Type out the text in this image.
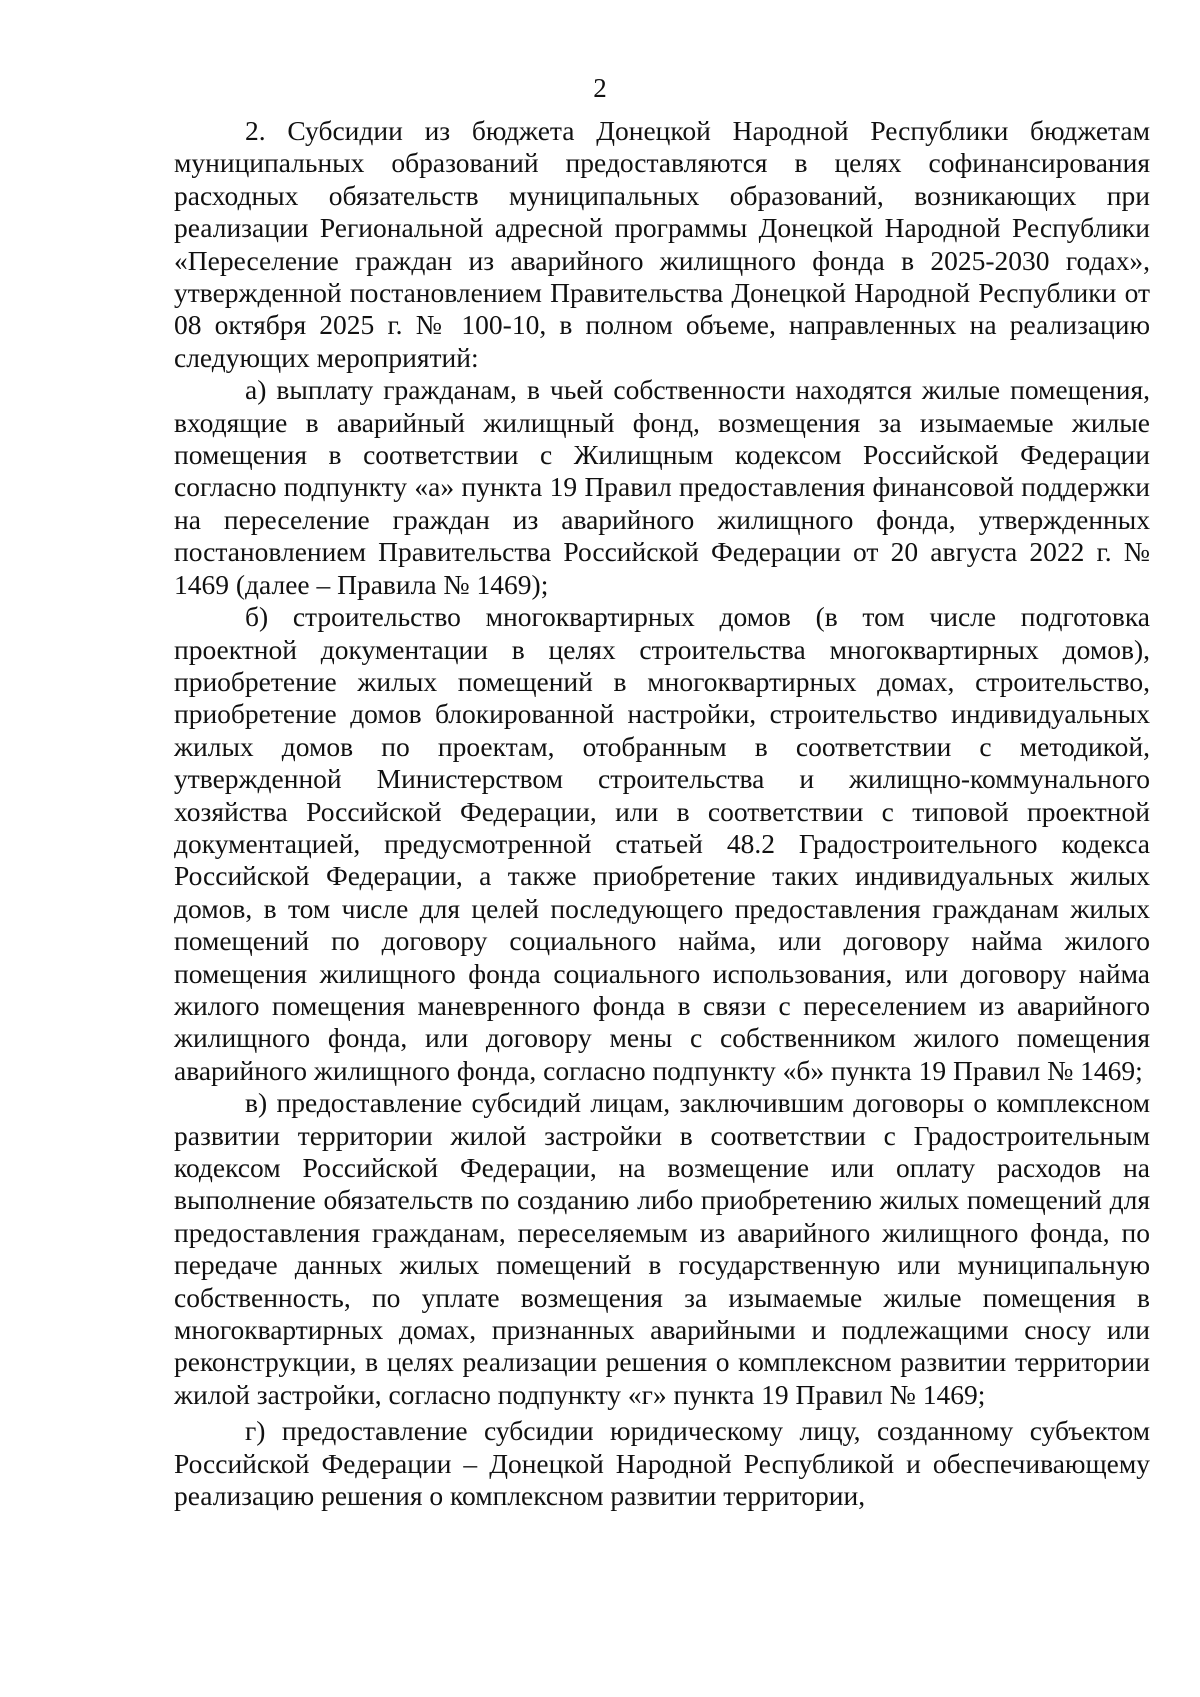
2

2. Субсидии из бюджета Донецкой Народной Республики бюджетам муниципальных образований предоставляются в целях софинансирования расходных обязательств муниципальных образований, возникающих при реализации Региональной адресной программы Донецкой Народной Республики «Переселение граждан из аварийного жилищного фонда в 2025-2030 годах», утвержденной постановлением Правительства Донецкой Народной Республики от 08 октября 2025 г. № 100-10, в полном объеме, направленных на реализацию следующих мероприятий:

а) выплату гражданам, в чьей собственности находятся жилые помещения, входящие в аварийный жилищный фонд, возмещения за изымаемые жилые помещения в соответствии с Жилищным кодексом Российской Федерации согласно подпункту «а» пункта 19 Правил предоставления финансовой поддержки на переселение граждан из аварийного жилищного фонда, утвержденных постановлением Правительства Российской Федерации от 20 августа 2022 г. № 1469 (далее – Правила № 1469);

б) строительство многоквартирных домов (в том числе подготовка проектной документации в целях строительства многоквартирных домов), приобретение жилых помещений в многоквартирных домах, строительство, приобретение домов блокированной настройки, строительство индивидуальных жилых домов по проектам, отобранным в соответствии с методикой, утвержденной Министерством строительства и жилищно-коммунального хозяйства Российской Федерации, или в соответствии с типовой проектной документацией, предусмотренной статьей 48.2 Градостроительного кодекса Российской Федерации, а также приобретение таких индивидуальных жилых домов, в том числе для целей последующего предоставления гражданам жилых помещений по договору социального найма, или договору найма жилого помещения жилищного фонда социального использования, или договору найма жилого помещения маневренного фонда в связи с переселением из аварийного жилищного фонда, или договору мены с собственником жилого помещения аварийного жилищного фонда, согласно подпункту «б» пункта 19 Правил № 1469;

в) предоставление субсидий лицам, заключившим договоры о комплексном развитии территории жилой застройки в соответствии с Градостроительным кодексом Российской Федерации, на возмещение или оплату расходов на выполнение обязательств по созданию либо приобретению жилых помещений для предоставления гражданам, переселяемым из аварийного жилищного фонда, по передаче данных жилых помещений в государственную или муниципальную собственность, по уплате возмещения за изымаемые жилые помещения в многоквартирных домах, признанных аварийными и подлежащими сносу или реконструкции, в целях реализации решения о комплексном развитии территории жилой застройки, согласно подпункту «г» пункта 19 Правил № 1469;

г) предоставление субсидии юридическому лицу, созданному субъектом Российской Федерации – Донецкой Народной Республикой и обеспечивающему реализацию решения о комплексном развитии территории,
